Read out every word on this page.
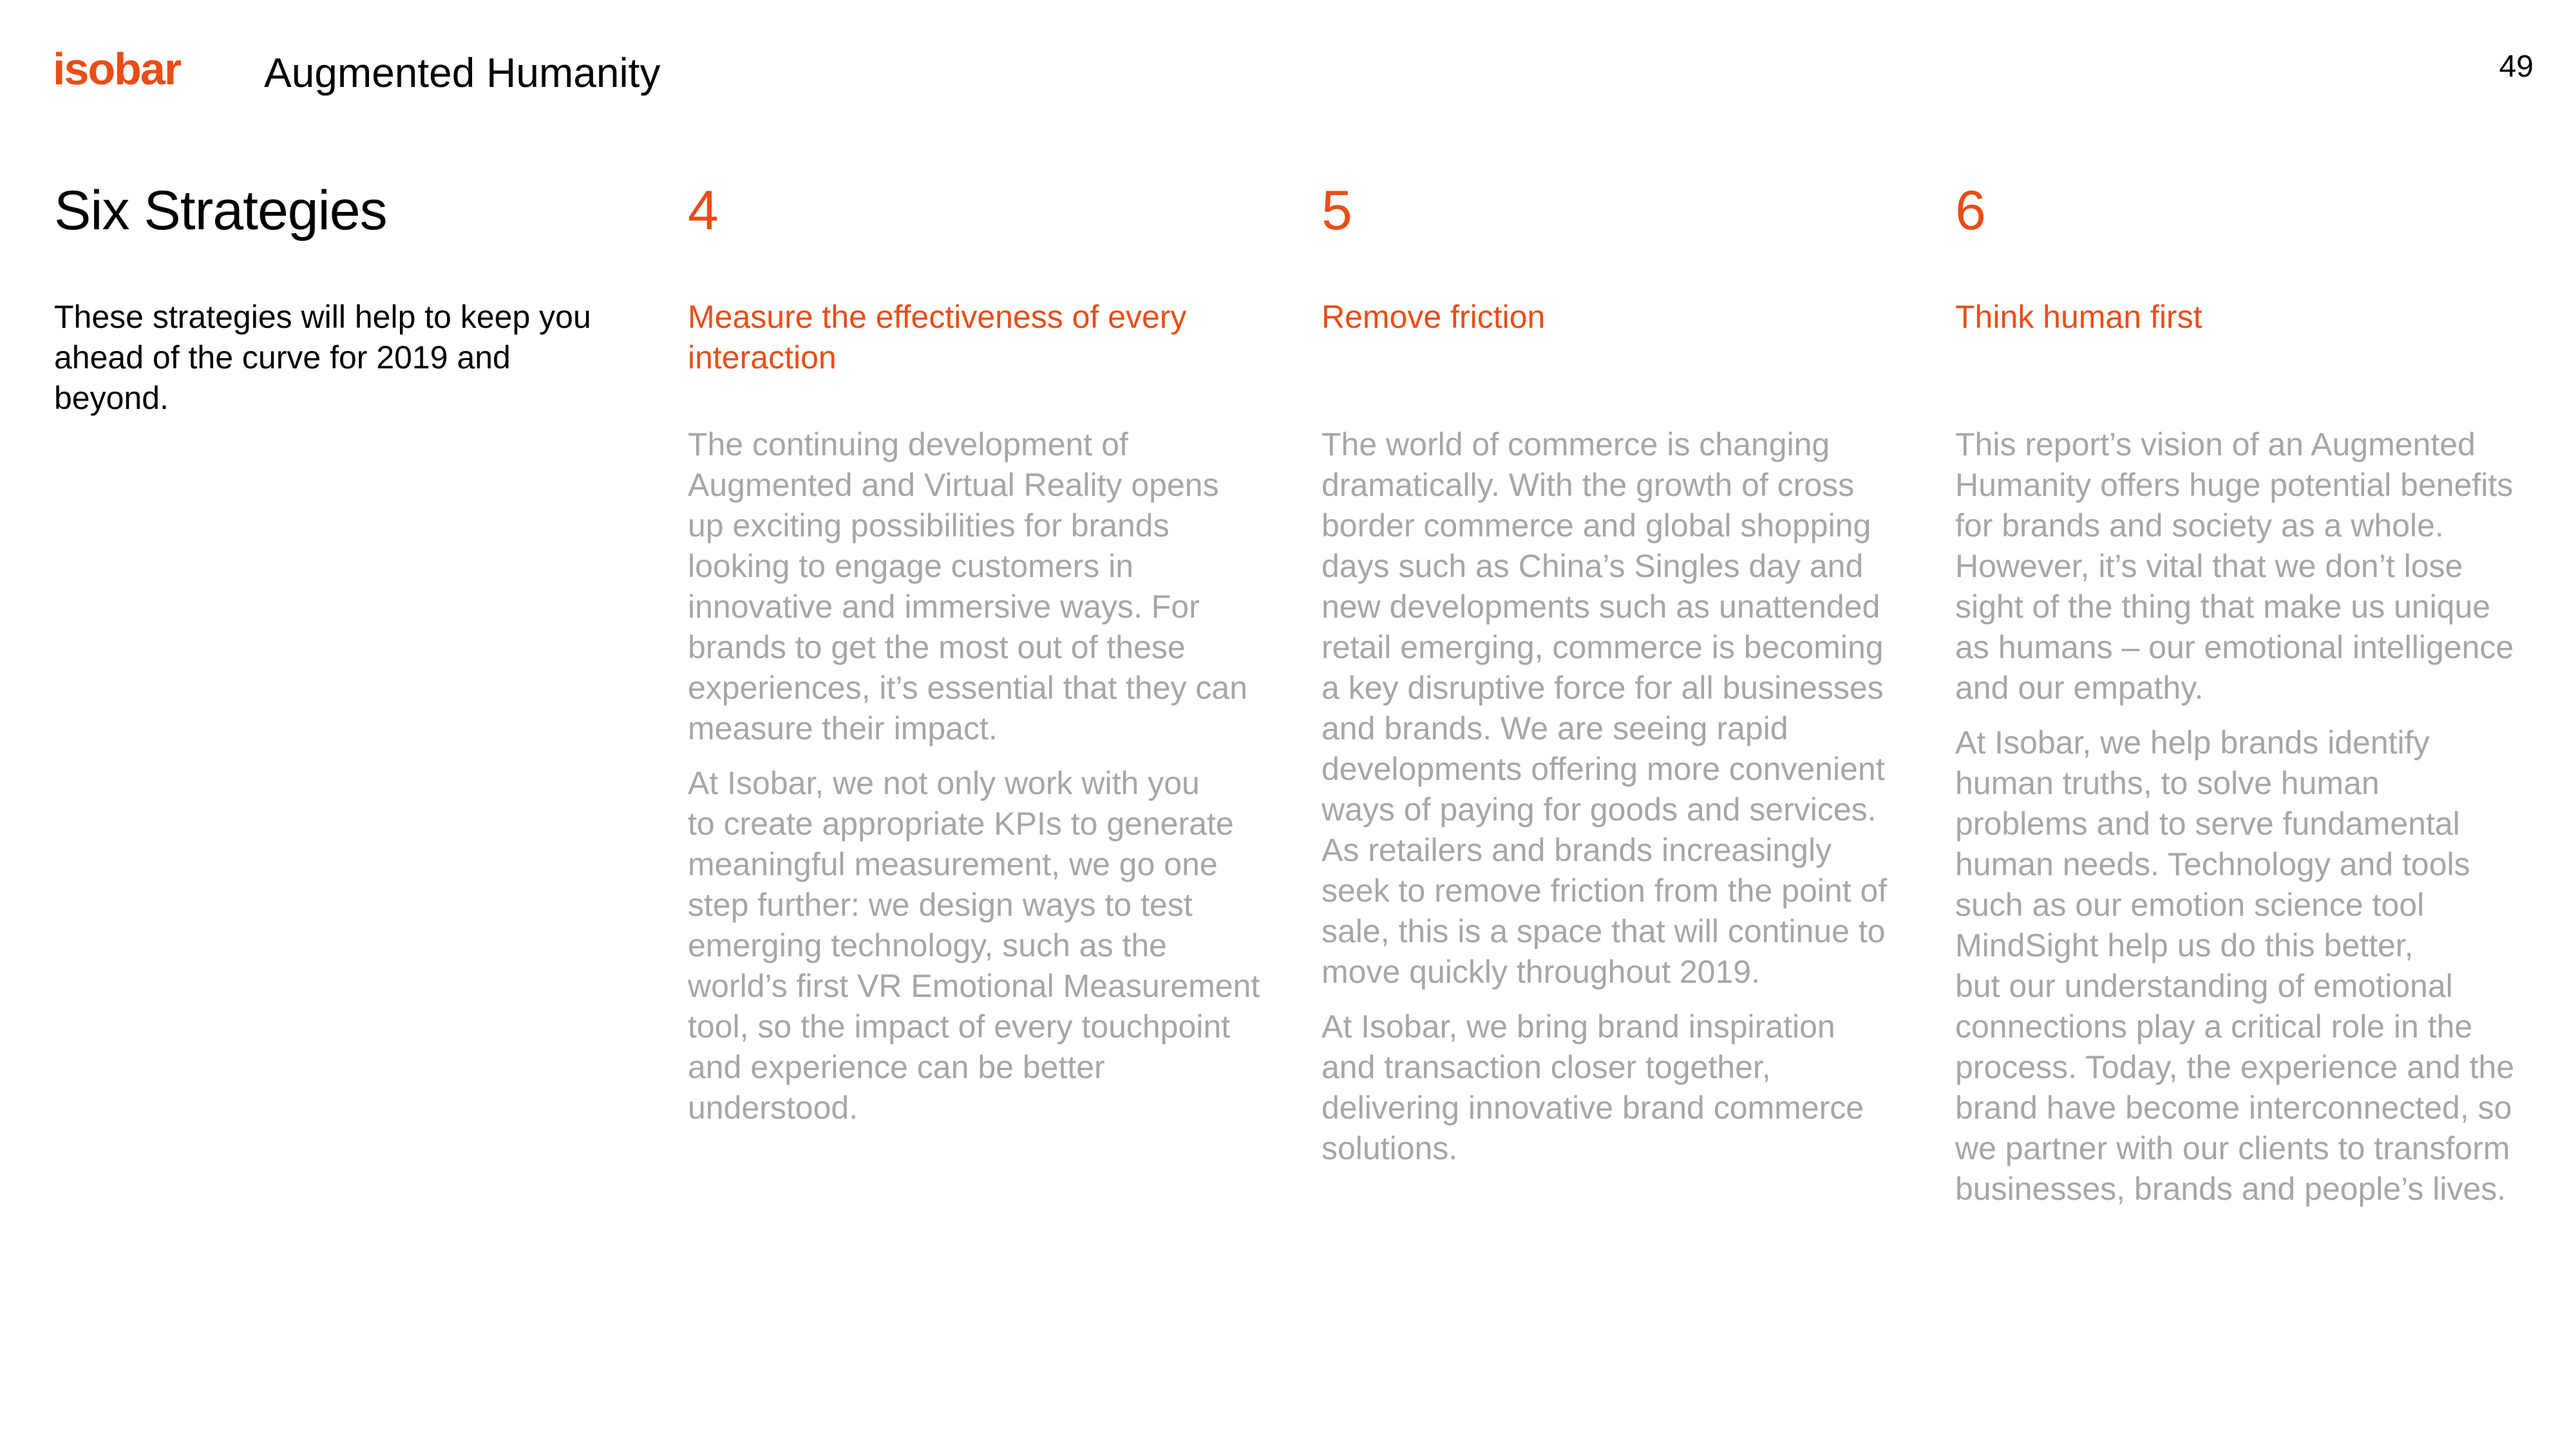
isobar Augmented Humanity	49
Six Strategies
These strategies will help to keep you ahead of the curve for 2019 and beyond.
4
Measure the effectiveness of every interaction

The continuing development of
Augmented and Virtual Reality opens
up exciting possibilities for brands
looking to engage customers in
innovative and immersive ways. For
brands to get the most out of these
experiences, it’s essential that they can
measure their impact.

At Isobar, we not only work with you
to create appropriate KPIs to generate
meaningful measurement, we go one
step further: we design ways to test
emerging technology, such as the
world’s first VR Emotional Measurement
tool, so the impact of every touchpoint
and experience can be better
understood.

5
Remove friction

The world of commerce is changing
dramatically. With the growth of cross
border commerce and global shopping
days such as China’s Singles day and
new developments such as unattended
retail emerging, commerce is becoming
a key disruptive force for all businesses
and brands. We are seeing rapid
developments offering more convenient
ways of paying for goods and services.
As retailers and brands increasingly
seek to remove friction from the point of
sale, this is a space that will continue to
move quickly throughout 2019.

At Isobar, we bring brand inspiration
and transaction closer together,
delivering innovative brand commerce
solutions.

6
Think human first

This report’s vision of an Augmented
Humanity offers huge potential benefits
for brands and society as a whole.
However, it’s vital that we don’t lose
sight of the thing that make us unique
as humans – our emotional intelligence
and our empathy.

At Isobar, we help brands identify
human truths, to solve human
problems and to serve fundamental
human needs. Technology and tools
such as our emotion science tool
MindSight help us do this better,
but our understanding of emotional
connections play a critical role in the
process. Today, the experience and the
brand have become interconnected, so
we partner with our clients to transform
businesses, brands and people’s lives.
